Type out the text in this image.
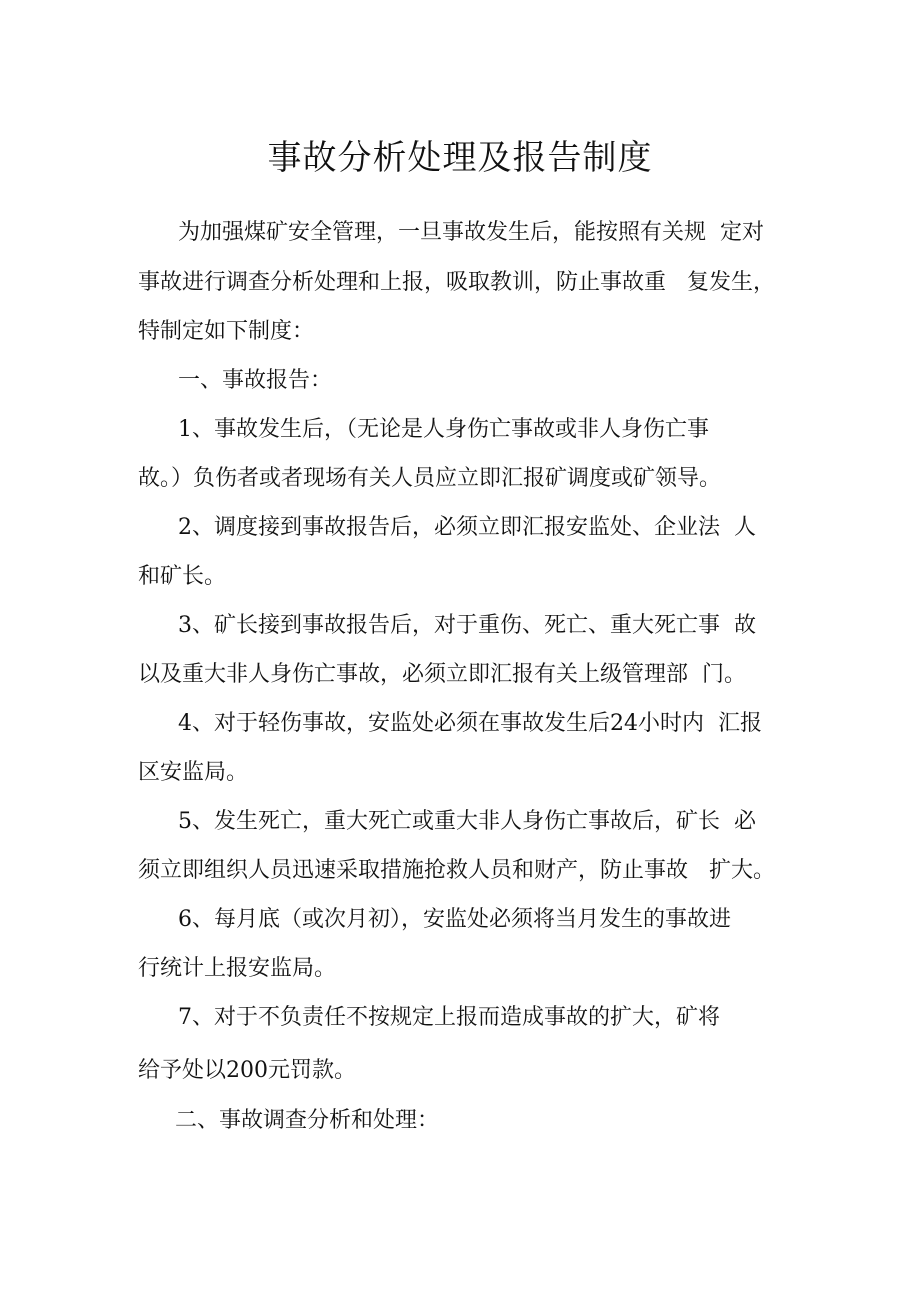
事故分析处理及报告制度
为加强煤矿安全管理，一旦事故发生后，能按照有关规  定对
事故进行调查分析处理和上报，吸取教训，防止事故重   复发生，
特制定如下制度：
一、事故报告：
1、事故发生后，（无论是人身伤亡事故或非人身伤亡事
故。）负伤者或者现场有关人员应立即汇报矿调度或矿领导。
2、调度接到事故报告后，必须立即汇报安监处、企业法  人
和矿长。
3、矿长接到事故报告后，对于重伤、死亡、重大死亡事  故
以及重大非人身伤亡事故，必须立即汇报有关上级管理部  门。
4、对于轻伤事故，安监处必须在事故发生后24小时内  汇报
区安监局。
5、发生死亡，重大死亡或重大非人身伤亡事故后，矿长  必
须立即组织人员迅速采取措施抢救人员和财产，防止事故   扩大。
6、每月底（或次月初），安监处必须将当月发生的事故进
行统计上报安监局。
7、对于不负责任不按规定上报而造成事故的扩大，矿将
给予处以200元罚款。
二、事故调查分析和处理：
